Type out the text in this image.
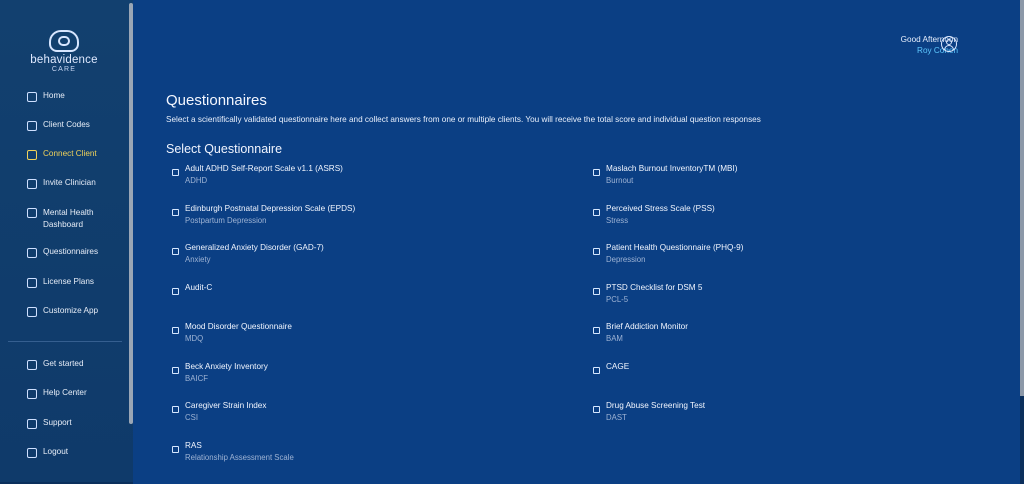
behavidence
CARE
Home
Client Codes
Connect Client
Invite Clinician
Mental Health Dashboard
Questionnaires
License Plans
Customize App
Get started
Help Center
Support
Logout
Good Afternoon
Roy Cohen
Questionnaires
Select a scientifically validated questionnaire here and collect answers from one or multiple clients. You will receive the total score and individual question responses
Select Questionnaire
Adult ADHD Self-Report Scale v1.1 (ASRS)
ADHD
Edinburgh Postnatal Depression Scale (EPDS)
Postpartum Depression
Generalized Anxiety Disorder (GAD-7)
Anxiety
Audit-C
Mood Disorder Questionnaire
MDQ
Beck Anxiety Inventory
BAICF
Caregiver Strain Index
CSI
RAS
Relationship Assessment Scale
Maslach Burnout InventoryTM (MBI)
Burnout
Perceived Stress Scale (PSS)
Stress
Patient Health Questionnaire (PHQ-9)
Depression
PTSD Checklist for DSM 5
PCL-5
Brief Addiction Monitor
BAM
CAGE
Drug Abuse Screening Test
DAST
